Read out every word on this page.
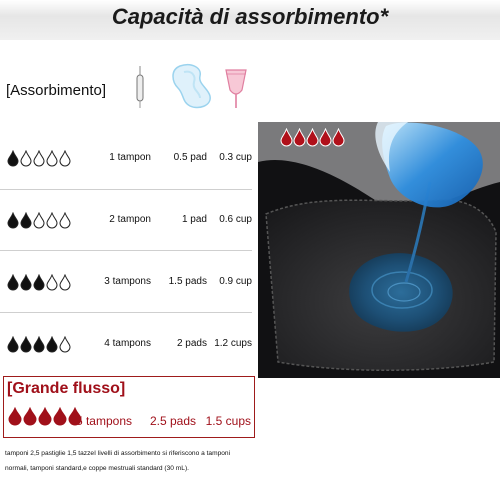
Capacità di assorbimento*
[Assorbimento]
1 tampon 0.5 pad 0.3 cup
2 tampon	1 pad 0.6 cup
3 tampons 1.5 pads 0.9 cup
4 tampons	2 pads 1.2 cups
5 tampons 2.5 pads 1.5 cups
[Grande flusso]
tamponi 2,5 pastiglie 1,5 tazzeI livelli di assorbimento si riferiscono a tamponi normali, tamponi standard,e coppe mestruali standard (30 mL).
